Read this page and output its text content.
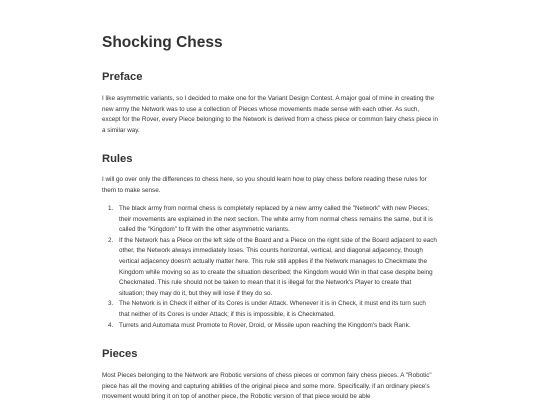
Shocking Chess
Preface

I like asymmetric variants, so I decided to make one for the Variant Design Contest. A major goal of mine in creating the new army the Network was to use a collection of Pieces whose movements made sense with each other. As such, except for the Rover, every Piece belonging to the Network is derived from a chess piece or common fairy chess piece in a similar way.

Rules

I will go over only the differences to chess here, so you should learn how to play chess before reading these rules for them to make sense.

1. The black army from normal chess is completely replaced by a new army called the "Network" with new Pieces; their movements are explained in the next section. The white army from normal chess remains the same, but it is called the "Kingdom" to fit with the other asymmetric variants.
2. If the Network has a Piece on the left side of the Board and a Piece on the right side of the Board adjacent to each other, the Network always immediately loses. This counts horizontal, vertical, and diagonal adjacency, though vertical adjacency doesn't actually matter here. This rule still applies if the Network manages to Checkmate the Kingdom while moving so as to create the situation described; the Kingdom would Win in that case despite being Checkmated. This rule should not be taken to mean that it is illegal for the Network's Player to create that situation; they may do it, but they will lose if they do so.
3. The Network is in Check if either of its Cores is under Attack. Whenever it is in Check, it must end its turn such that neither of its Cores is under Attack; if this is impossible, it is Checkmated.
4. Turrets and Automata must Promote to Rover, Droid, or Missile upon reaching the Kingdom's back Rank.
Pieces

Most Pieces belonging to the Network are Robotic versions of chess pieces or common fairy chess pieces. A "Robotic" piece has all the moving and capturing abilities of the original piece and some more. Specifically, if an ordinary piece's movement would bring it on top of another piece, the Robotic version of that piece would be able
